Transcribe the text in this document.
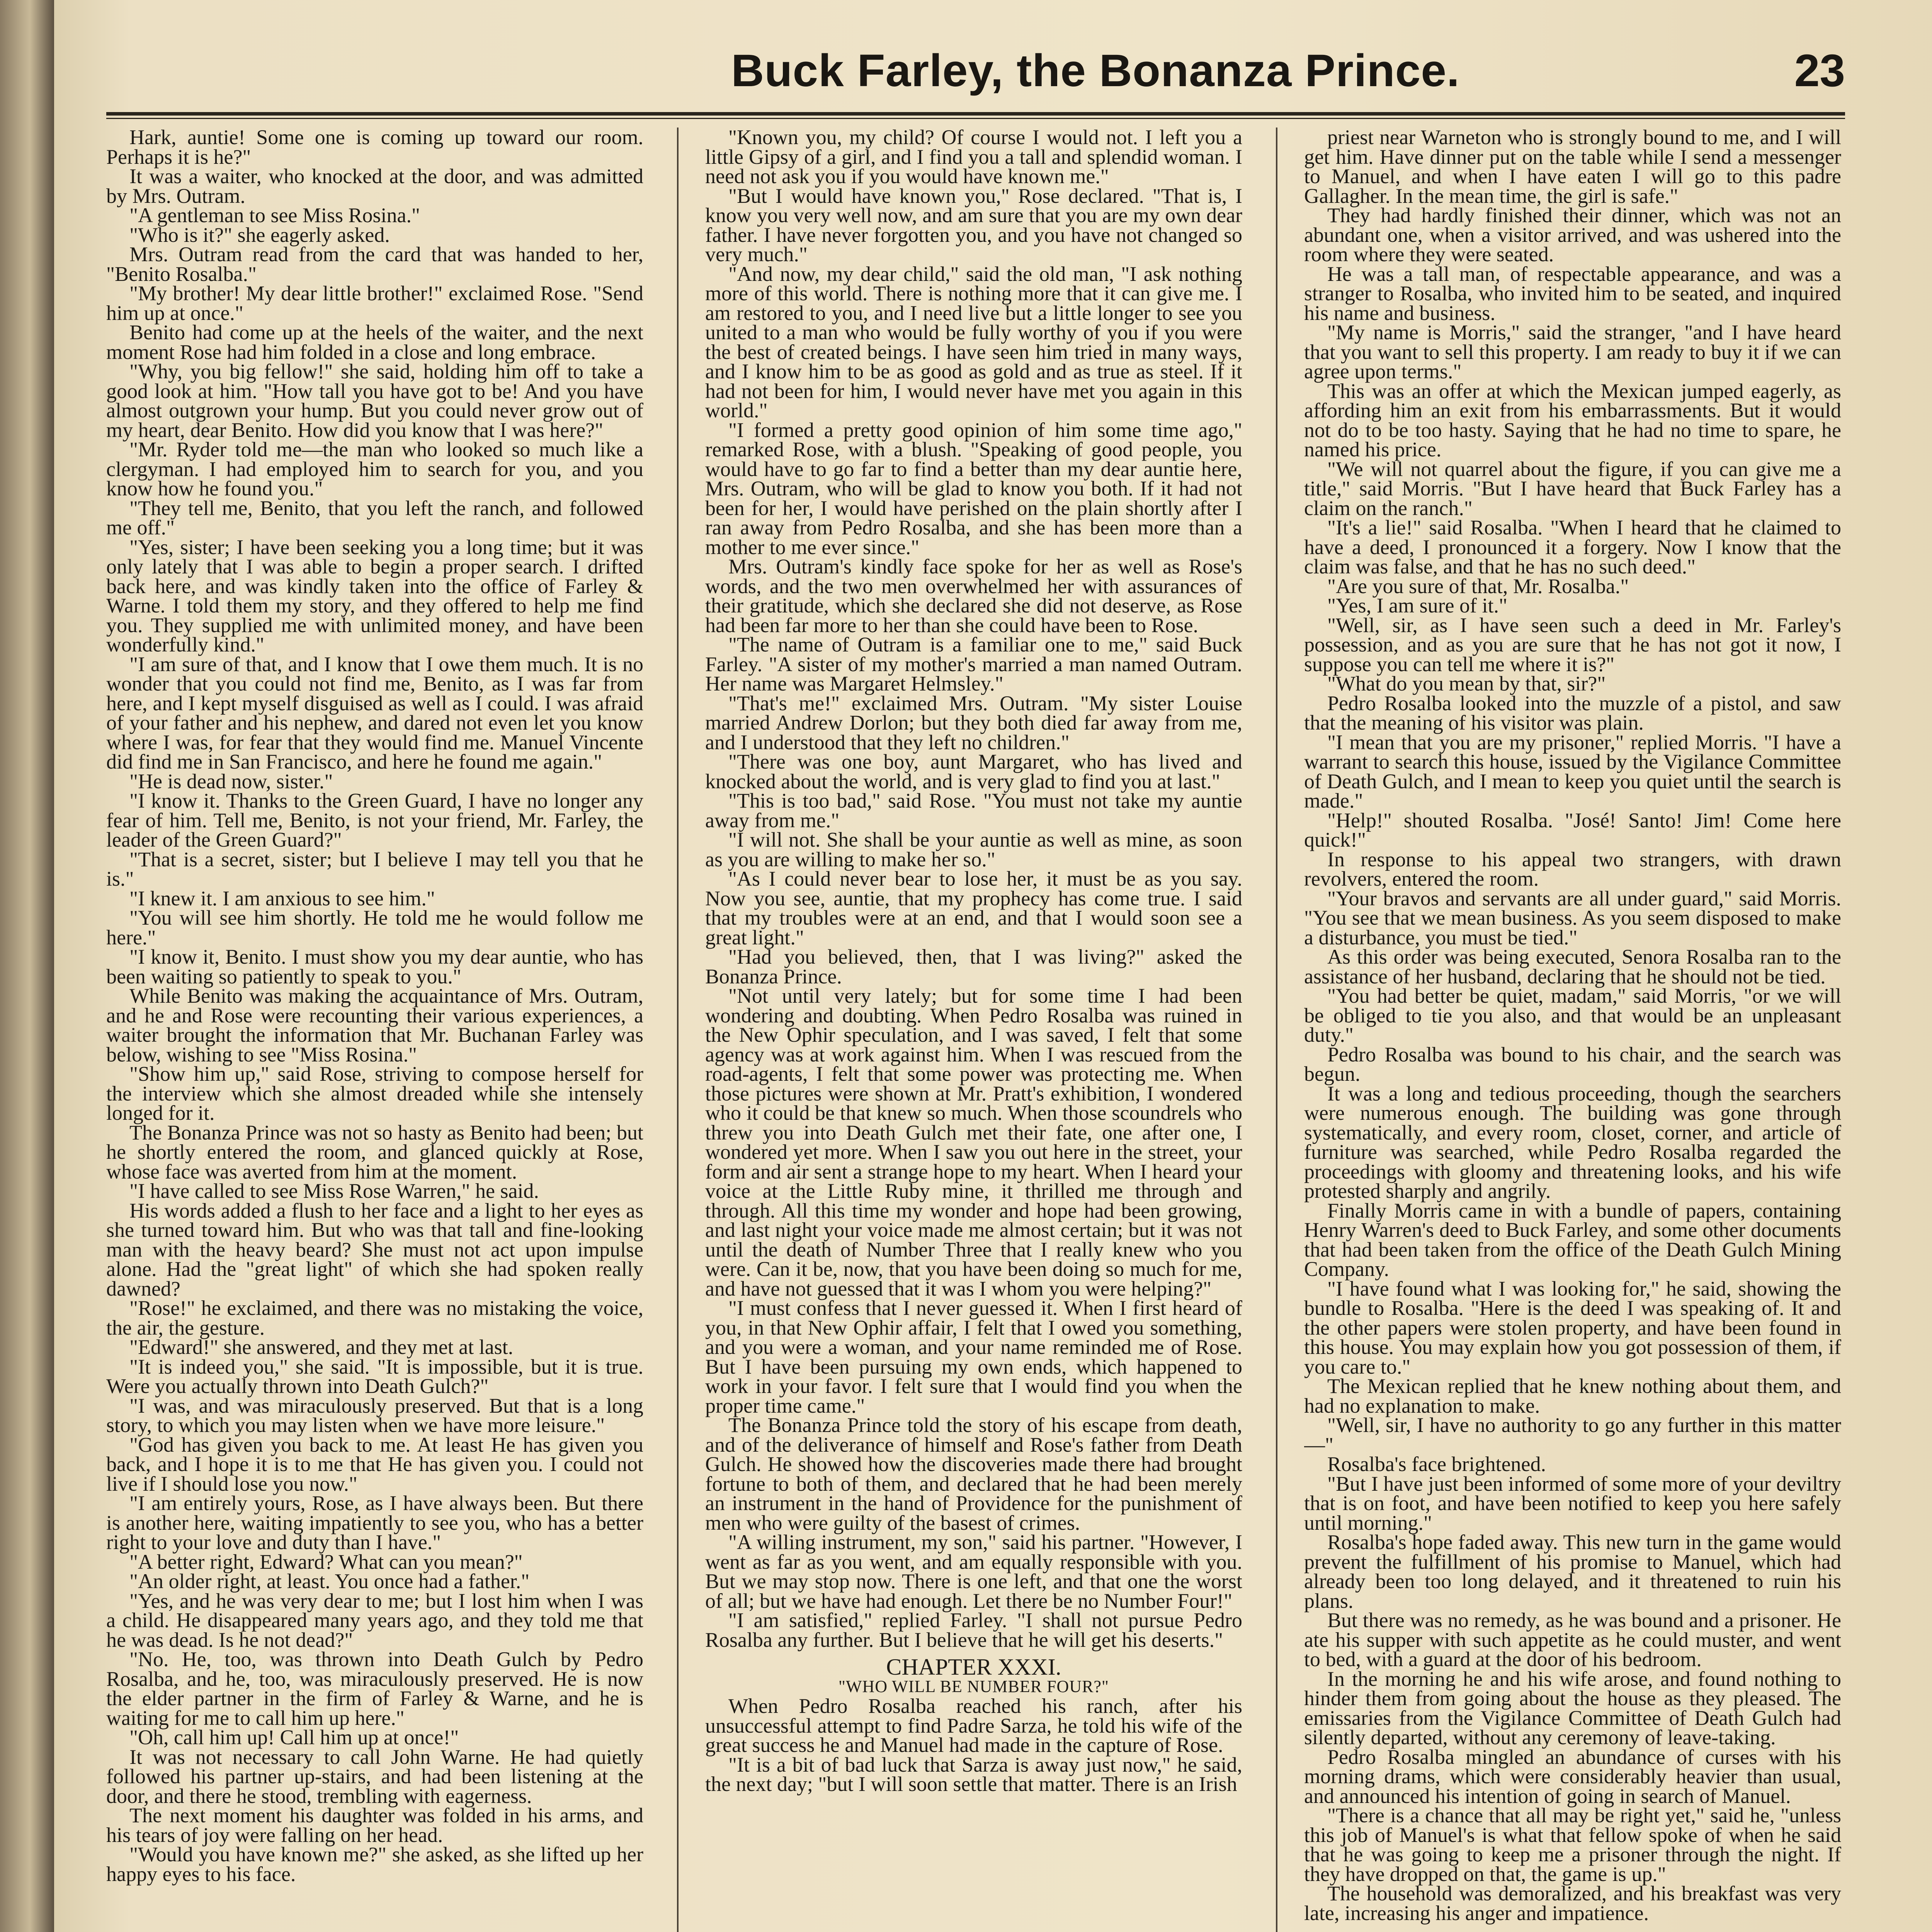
Buck Farley, the Bonanza Prince.	23

Hark, auntie! Some one is coming up toward our room. Perhaps it is he?"

It was a waiter, who knocked at the door, and was admitted by Mrs. Outram.

"A gentleman to see Miss Rosina."

"Who is it?" she eagerly asked.

Mrs. Outram read from the card that was handed to her, "Benito Rosalba."

"My brother! My dear little brother!" exclaimed Rose. "Send him up at once."

Benito had come up at the heels of the waiter, and the next moment Rose had him folded in a close and long embrace.

"Why, you big fellow!" she said, holding him off to take a good look at him. "How tall you have got to be! And you have almost outgrown your hump. But you could never grow out of my heart, dear Benito. How did you know that I was here?"

"Mr. Ryder told me—the man who looked so much like a clergyman. I had employed him to search for you, and you know how he found you."

"They tell me, Benito, that you left the ranch, and followed me off."

"Yes, sister; I have been seeking you a long time; but it was only lately that I was able to begin a proper search. I drifted back here, and was kindly taken into the office of Farley & Warne. I told them my story, and they offered to help me find you. They supplied me with unlimited money, and have been wonderfully kind."

"I am sure of that, and I know that I owe them much. It is no wonder that you could not find me, Benito, as I was far from here, and I kept myself disguised as well as I could. I was afraid of your father and his nephew, and dared not even let you know where I was, for fear that they would find me. Manuel Vincente did find me in San Francisco, and here he found me again."

"He is dead now, sister."

"I know it. Thanks to the Green Guard, I have no longer any fear of him. Tell me, Benito, is not your friend, Mr. Farley, the leader of the Green Guard?"

"That is a secret, sister; but I believe I may tell you that he is."

"I knew it. I am anxious to see him."

"You will see him shortly. He told me he would follow me here."

"I know it, Benito. I must show you my dear auntie, who has been waiting so patiently to speak to you."

While Benito was making the acquaintance of Mrs. Outram, and he and Rose were recounting their various experiences, a waiter brought the information that Mr. Buchanan Farley was below, wishing to see "Miss Rosina."

"Show him up," said Rose, striving to compose herself for the interview which she almost dreaded while she intensely longed for it.

The Bonanza Prince was not so hasty as Benito had been; but he shortly entered the room, and glanced quickly at Rose, whose face was averted from him at the moment.

"I have called to see Miss Rose Warren," he said.

His words added a flush to her face and a light to her eyes as she turned toward him. But who was that tall and fine-looking man with the heavy beard? She must not act upon impulse alone. Had the "great light" of which she had spoken really dawned?

"Rose!" he exclaimed, and there was no mistaking the voice, the air, the gesture.

"Edward!" she answered, and they met at last.

"It is indeed you," she said. "It is impossible, but it is true. Were you actually thrown into Death Gulch?"

"I was, and was miraculously preserved. But that is a long story, to which you may listen when we have more leisure."

"God has given you back to me. At least He has given you back, and I hope it is to me that He has given you. I could not live if I should lose you now."

"I am entirely yours, Rose, as I have always been. But there is another here, waiting impatiently to see you, who has a better right to your love and duty than I have."

"A better right, Edward? What can you mean?"

"An older right, at least. You once had a father."

"Yes, and he was very dear to me; but I lost him when I was a child. He disappeared many years ago, and they told me that he was dead. Is he not dead?"

"No. He, too, was thrown into Death Gulch by Pedro Rosalba, and he, too, was miraculously preserved. He is now the elder partner in the firm of Farley & Warne, and he is waiting for me to call him up here."

"Oh, call him up! Call him up at once!"

It was not necessary to call John Warne. He had quietly followed his partner up-stairs, and had been listening at the door, and there he stood, trembling with eagerness.

The next moment his daughter was folded in his arms, and his tears of joy were falling on her head.

"Would you have known me?" she asked, as she lifted up her happy eyes to his face.

"Known you, my child? Of course I would not. I left you a little Gipsy of a girl, and I find you a tall and splendid woman. I need not ask you if you would have known me."

"But I would have known you," Rose declared. "That is, I know you very well now, and am sure that you are my own dear father. I have never forgotten you, and you have not changed so very much."

"And now, my dear child," said the old man, "I ask nothing more of this world. There is nothing more that it can give me. I am restored to you, and I need live but a little longer to see you united to a man who would be fully worthy of you if you were the best of created beings. I have seen him tried in many ways, and I know him to be as good as gold and as true as steel. If it had not been for him, I would never have met you again in this world."

"I formed a pretty good opinion of him some time ago," remarked Rose, with a blush. "Speaking of good people, you would have to go far to find a better than my dear auntie here, Mrs. Outram, who will be glad to know you both. If it had not been for her, I would have perished on the plain shortly after I ran away from Pedro Rosalba, and she has been more than a mother to me ever since."

Mrs. Outram's kindly face spoke for her as well as Rose's words, and the two men overwhelmed her with assurances of their gratitude, which she declared she did not deserve, as Rose had been far more to her than she could have been to Rose.

"The name of Outram is a familiar one to me," said Buck Farley. "A sister of my mother's married a man named Outram. Her name was Margaret Helmsley."

"That's me!" exclaimed Mrs. Outram. "My sister Louise married Andrew Dorlon; but they both died far away from me, and I understood that they left no children."

"There was one boy, aunt Margaret, who has lived and knocked about the world, and is very glad to find you at last."

"This is too bad," said Rose. "You must not take my auntie away from me."

"I will not. She shall be your auntie as well as mine, as soon as you are willing to make her so."

"As I could never bear to lose her, it must be as you say. Now you see, auntie, that my prophecy has come true. I said that my troubles were at an end, and that I would soon see a great light."

"Had you believed, then, that I was living?" asked the Bonanza Prince.

"Not until very lately; but for some time I had been wondering and doubting. When Pedro Rosalba was ruined in the New Ophir speculation, and I was saved, I felt that some agency was at work against him. When I was rescued from the road-agents, I felt that some power was protecting me. When those pictures were shown at Mr. Pratt's exhibition, I wondered who it could be that knew so much. When those scoundrels who threw you into Death Gulch met their fate, one after one, I wondered yet more. When I saw you out here in the street, your form and air sent a strange hope to my heart. When I heard your voice at the Little Ruby mine, it thrilled me through and through. All this time my wonder and hope had been growing, and last night your voice made me almost certain; but it was not until the death of Number Three that I really knew who you were. Can it be, now, that you have been doing so much for me, and have not guessed that it was I whom you were helping?"

"I must confess that I never guessed it. When I first heard of you, in that New Ophir affair, I felt that I owed you something, and you were a woman, and your name reminded me of Rose. But I have been pursuing my own ends, which happened to work in your favor. I felt sure that I would find you when the proper time came."

The Bonanza Prince told the story of his escape from death, and of the deliverance of himself and Rose's father from Death Gulch. He showed how the discoveries made there had brought fortune to both of them, and declared that he had been merely an instrument in the hand of Providence for the punishment of men who were guilty of the basest of crimes.

"A willing instrument, my son," said his partner. "However, I went as far as you went, and am equally responsible with you. But we may stop now. There is one left, and that one the worst of all; but we have had enough. Let there be no Number Four!"

"I am satisfied," replied Farley. "I shall not pursue Pedro Rosalba any further. But I believe that he will get his deserts."

CHAPTER XXXI.

"WHO WILL BE NUMBER FOUR?"

When Pedro Rosalba reached his ranch, after his unsuccessful attempt to find Padre Sarza, he told his wife of the great success he and Manuel had made in the capture of Rose.

"It is a bit of bad luck that Sarza is away just now," he said, the next day; "but I will soon settle that matter. There is an Irish

priest near Warneton who is strongly bound to me, and I will get him. Have dinner put on the table while I send a messenger to Manuel, and when I have eaten I will go to this padre Gallagher. In the mean time, the girl is safe."

They had hardly finished their dinner, which was not an abundant one, when a visitor arrived, and was ushered into the room where they were seated.

He was a tall man, of respectable appearance, and was a stranger to Rosalba, who invited him to be seated, and inquired his name and business.

"My name is Morris," said the stranger, "and I have heard that you want to sell this property. I am ready to buy it if we can agree upon terms."

This was an offer at which the Mexican jumped eagerly, as affording him an exit from his embarrassments. But it would not do to be too hasty. Saying that he had no time to spare, he named his price.

"We will not quarrel about the figure, if you can give me a title," said Morris. "But I have heard that Buck Farley has a claim on the ranch."

"It's a lie!" said Rosalba. "When I heard that he claimed to have a deed, I pronounced it a forgery. Now I know that the claim was false, and that he has no such deed."

"Are you sure of that, Mr. Rosalba."

"Yes, I am sure of it."

"Well, sir, as I have seen such a deed in Mr. Farley's possession, and as you are sure that he has not got it now, I suppose you can tell me where it is?"

"What do you mean by that, sir?"

Pedro Rosalba looked into the muzzle of a pistol, and saw that the meaning of his visitor was plain.

"I mean that you are my prisoner," replied Morris. "I have a warrant to search this house, issued by the Vigilance Committee of Death Gulch, and I mean to keep you quiet until the search is made."

"Help!" shouted Rosalba. "José! Santo! Jim! Come here quick!"

In response to his appeal two strangers, with drawn revolvers, entered the room.

"Your bravos and servants are all under guard," said Morris. "You see that we mean business. As you seem disposed to make a disturbance, you must be tied."

As this order was being executed, Senora Rosalba ran to the assistance of her husband, declaring that he should not be tied.

"You had better be quiet, madam," said Morris, "or we will be obliged to tie you also, and that would be an unpleasant duty."

Pedro Rosalba was bound to his chair, and the search was begun.

It was a long and tedious proceeding, though the searchers were numerous enough. The building was gone through systematically, and every room, closet, corner, and article of furniture was searched, while Pedro Rosalba regarded the proceedings with gloomy and threatening looks, and his wife protested sharply and angrily.

Finally Morris came in with a bundle of papers, containing Henry Warren's deed to Buck Farley, and some other documents that had been taken from the office of the Death Gulch Mining Company.

"I have found what I was looking for," he said, showing the bundle to Rosalba. "Here is the deed I was speaking of. It and the other papers were stolen property, and have been found in this house. You may explain how you got possession of them, if you care to."

The Mexican replied that he knew nothing about them, and had no explanation to make.

"Well, sir, I have no authority to go any further in this matter—"

Rosalba's face brightened.

"But I have just been informed of some more of your deviltry that is on foot, and have been notified to keep you here safely until morning."

Rosalba's hope faded away. This new turn in the game would prevent the fulfillment of his promise to Manuel, which had already been too long delayed, and it threatened to ruin his plans.

But there was no remedy, as he was bound and a prisoner. He ate his supper with such appetite as he could muster, and went to bed, with a guard at the door of his bedroom.

In the morning he and his wife arose, and found nothing to hinder them from going about the house as they pleased. The emissaries from the Vigilance Committee of Death Gulch had silently departed, without any ceremony of leave-taking.

Pedro Rosalba mingled an abundance of curses with his morning drams, which were considerably heavier than usual, and announced his intention of going in search of Manuel.

"There is a chance that all may be right yet," said he, "unless this job of Manuel's is what that fellow spoke of when he said that he was going to keep me a prisoner through the night. If they have dropped on that, the game is up."

The household was demoralized, and his breakfast was very late, increasing his anger and impatience.
